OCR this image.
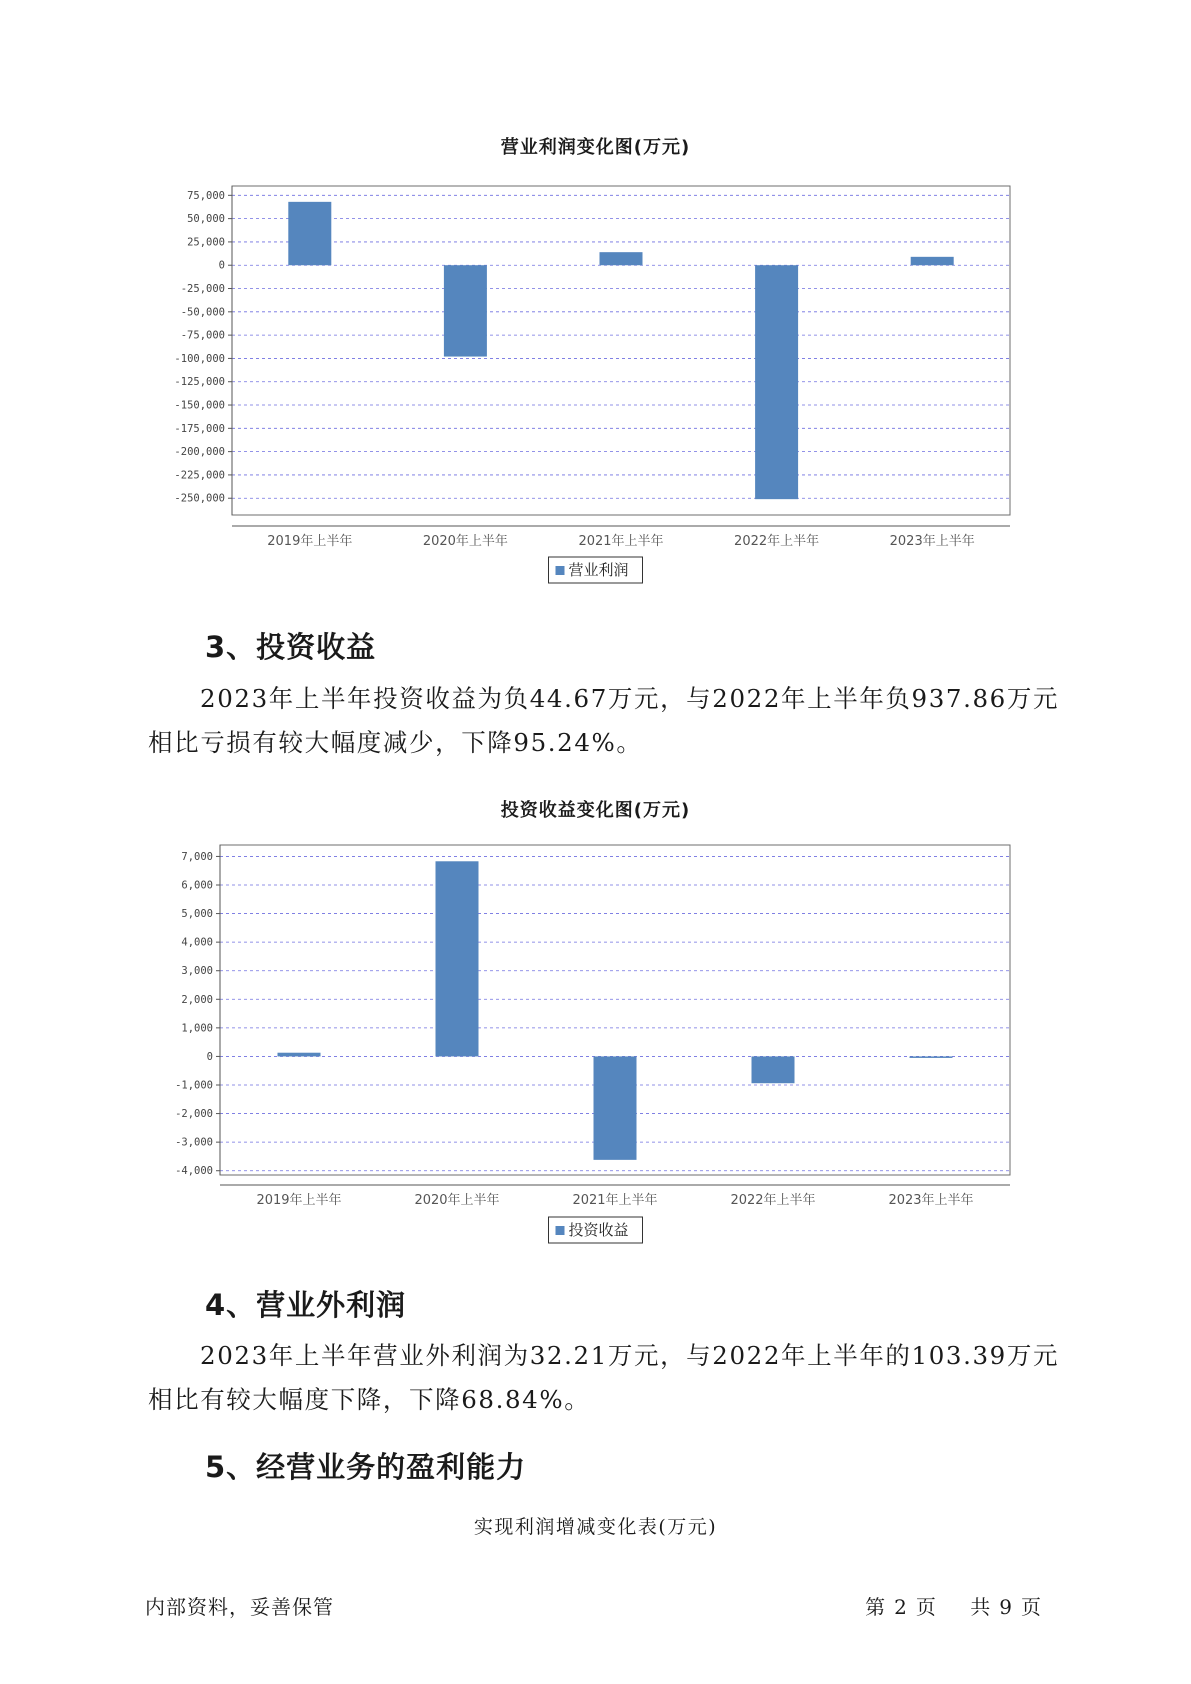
营业利润变化图(万元)
75,000
50,000
25,000
0
-25,000
-50,000
-75,000
-100,000
-125,000
-150,000
-175,000
-200,000
-225,000
-250,000
2019年上半年	2020年上半年	2021年上半年	2022年上半年	2023年上半年
营业利润
3、投资收益

2023年上半年投资收益为负44.67万元，与2022年上半年负937.86万元相比亏损有较大幅度减少，下降95.24%。

投资收益变化图(万元)
7,000
6,000
5,000
4,000
3,000
2,000
1,000
0
-1,000
-2,000
-3,000
-4,000
2019年上半年	2020年上半年	2021年上半年	2022年上半年	2023年上半年
投资收益
4、营业外利润

2023年上半年营业外利润为32.21万元，与2022年上半年的103.39万元相比有较大幅度下降，下降68.84%。

5、经营业务的盈利能力
实现利润增减变化表(万元)
内部资料，妥善保管	第 2 页 共 9 页
